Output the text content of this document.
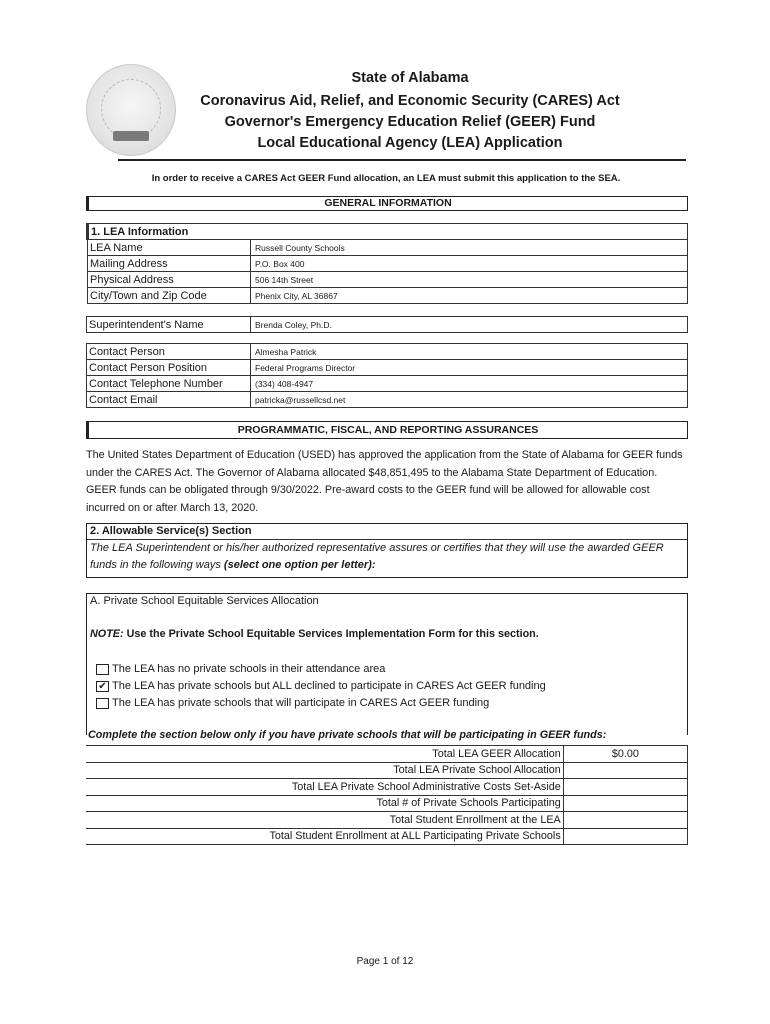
State of Alabama
Coronavirus Aid, Relief, and Economic Security (CARES) Act
Governor's Emergency Education Relief (GEER) Fund
Local Educational Agency (LEA) Application
In order to receive a CARES Act GEER Fund allocation, an LEA must submit this application to the SEA.
GENERAL INFORMATION
1. LEA Information	
LEA Name	Russell County Schools
Mailing Address	P.O. Box 400
Physical Address	506 14th Street
City/Town and Zip Code	Phenix City, AL 36867
Superintendent's Name	Brenda Coley, Ph.D.
Contact Person	Almesha Patrick
Contact Person Position	Federal Programs Director
Contact Telephone Number	(334) 408-4947
Contact Email	patricka@russellcsd.net
PROGRAMMATIC, FISCAL, AND REPORTING ASSURANCES
The United States Department of Education (USED) has approved the application from the State of Alabama for GEER funds under the CARES Act. The Governor of Alabama allocated $48,851,495 to the Alabama State Department of Education. GEER funds can be obligated through 9/30/2022. Pre-award costs to the GEER fund will be allowed for allowable cost incurred on or after March 13, 2020.
2. Allowable Service(s) Section
The LEA Superintendent or his/her authorized representative assures or certifies that they will use the awarded GEER funds in the following ways (select one option per letter):
A. Private School Equitable Services Allocation
NOTE: Use the Private School Equitable Services Implementation Form for this section.
The LEA has no private schools in their attendance area
✔ The LEA has private schools but ALL declined to participate in CARES Act GEER funding
The LEA has private schools that will participate in CARES Act GEER funding
Complete the section below only if you have private schools that will be participating in GEER funds:
Total LEA GEER Allocation	$0.00
Total LEA Private School Allocation	
Total LEA Private School Administrative Costs Set-Aside	
Total # of Private Schools Participating	
Total Student Enrollment at the LEA	
Total Student Enrollment at ALL Participating Private Schools	
Page 1 of 12
